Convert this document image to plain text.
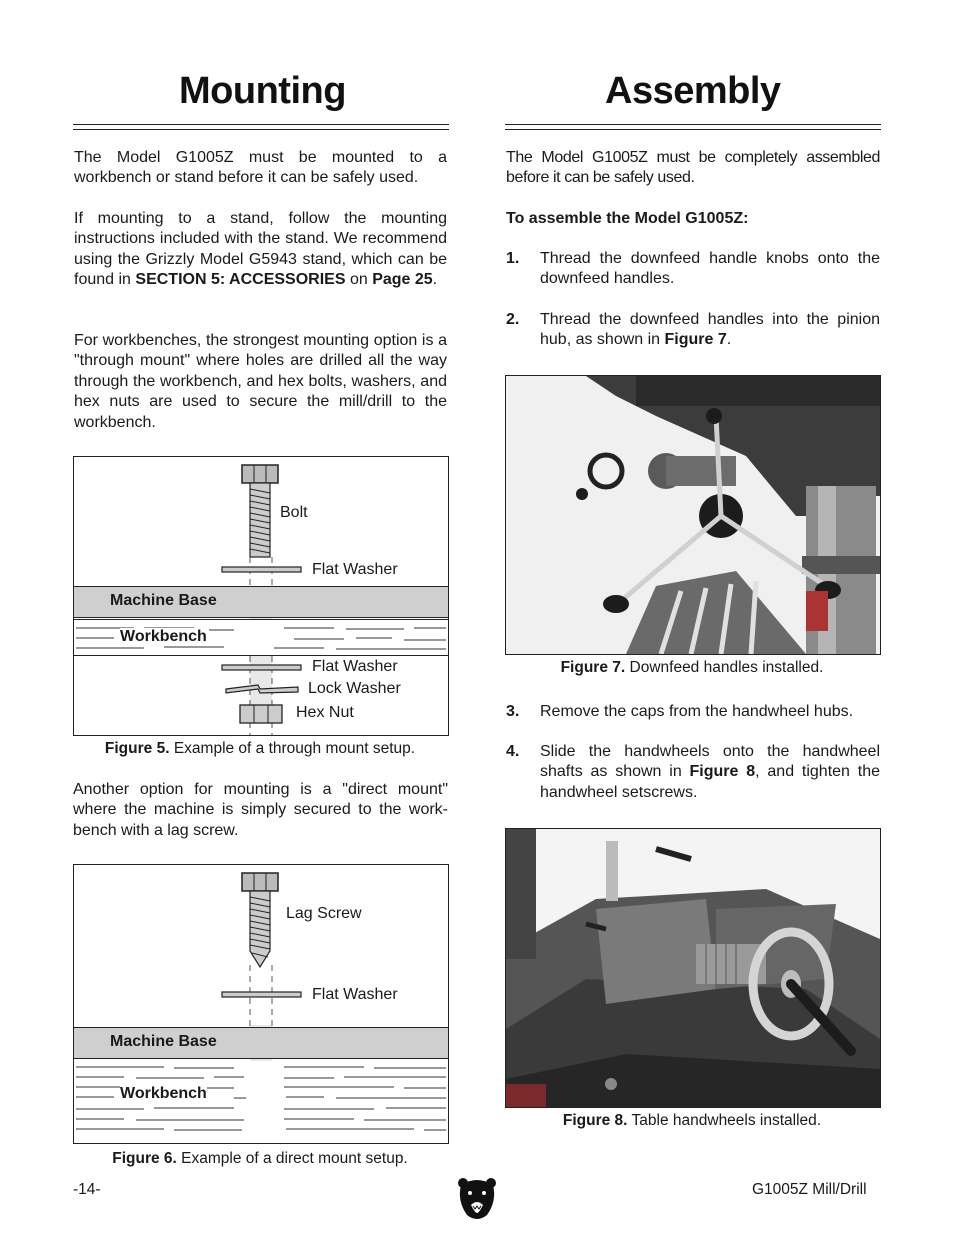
Mounting
The Model G1005Z must be mounted to a workbench or stand before it can be safely used.
If mounting to a stand, follow the mounting instructions included with the stand. We recommend using the Grizzly Model G5943 stand, which can be found in SECTION 5: ACCESSORIES on Page 25.
For workbenches, the strongest mounting option is a "through mount" where holes are drilled all the way through the workbench, and hex bolts, washers, and hex nuts are used to secure the mill/drill to the workbench.
Bolt
Flat Washer
Machine Base
Workbench
Flat Washer
Lock Washer
Hex Nut
Figure 5. Example of a through mount setup.
Another option for mounting is a "direct mount" where the machine is simply secured to the work-bench with a lag screw.
Lag Screw
Flat Washer
Machine Base
Workbench
Figure 6. Example of a direct mount setup.
Assembly
The Model G1005Z must be completely assembled before it can be safely used.
To assemble the Model G1005Z:
1. Thread the downfeed handle knobs onto the downfeed handles.
2. Thread the downfeed handles into the pinion hub, as shown in Figure 7.
Figure 7. Downfeed handles installed.
3. Remove the caps from the handwheel hubs.
4. Slide the handwheels onto the handwheel shafts as shown in Figure 8, and tighten the handwheel setscrews.
Figure 8. Table handwheels installed.
-14-	G1005Z Mill/Drill
